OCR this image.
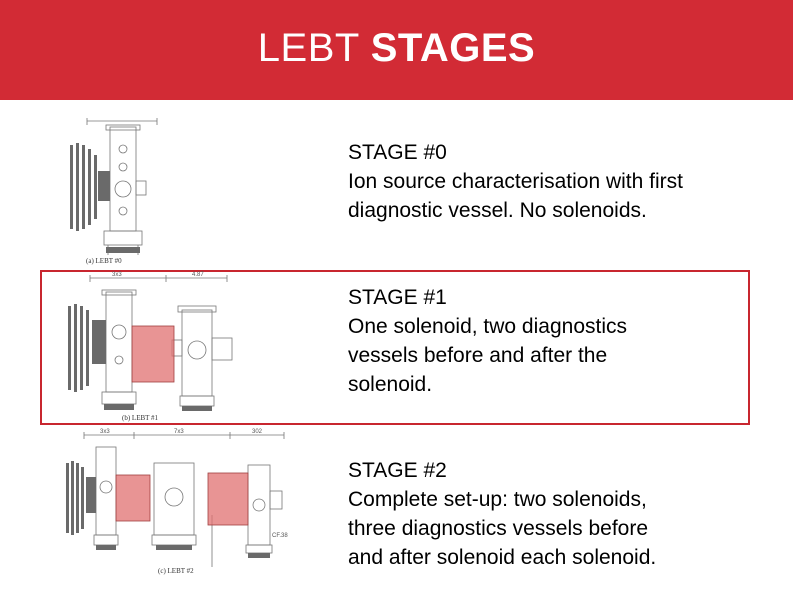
LEBT STAGES
(a) LEBT #0
STAGE #0
Ion source characterisation with first
diagnostic vessel. No solenoids.
3x3	4.87
(b) LEBT #1
STAGE #1
One solenoid, two diagnostics
vessels before and after the
solenoid.
3x3	7x3	302
CF.38
(c) LEBT #2
STAGE #2
Complete set-up: two solenoids,
three diagnostics vessels before
and after solenoid each solenoid.
